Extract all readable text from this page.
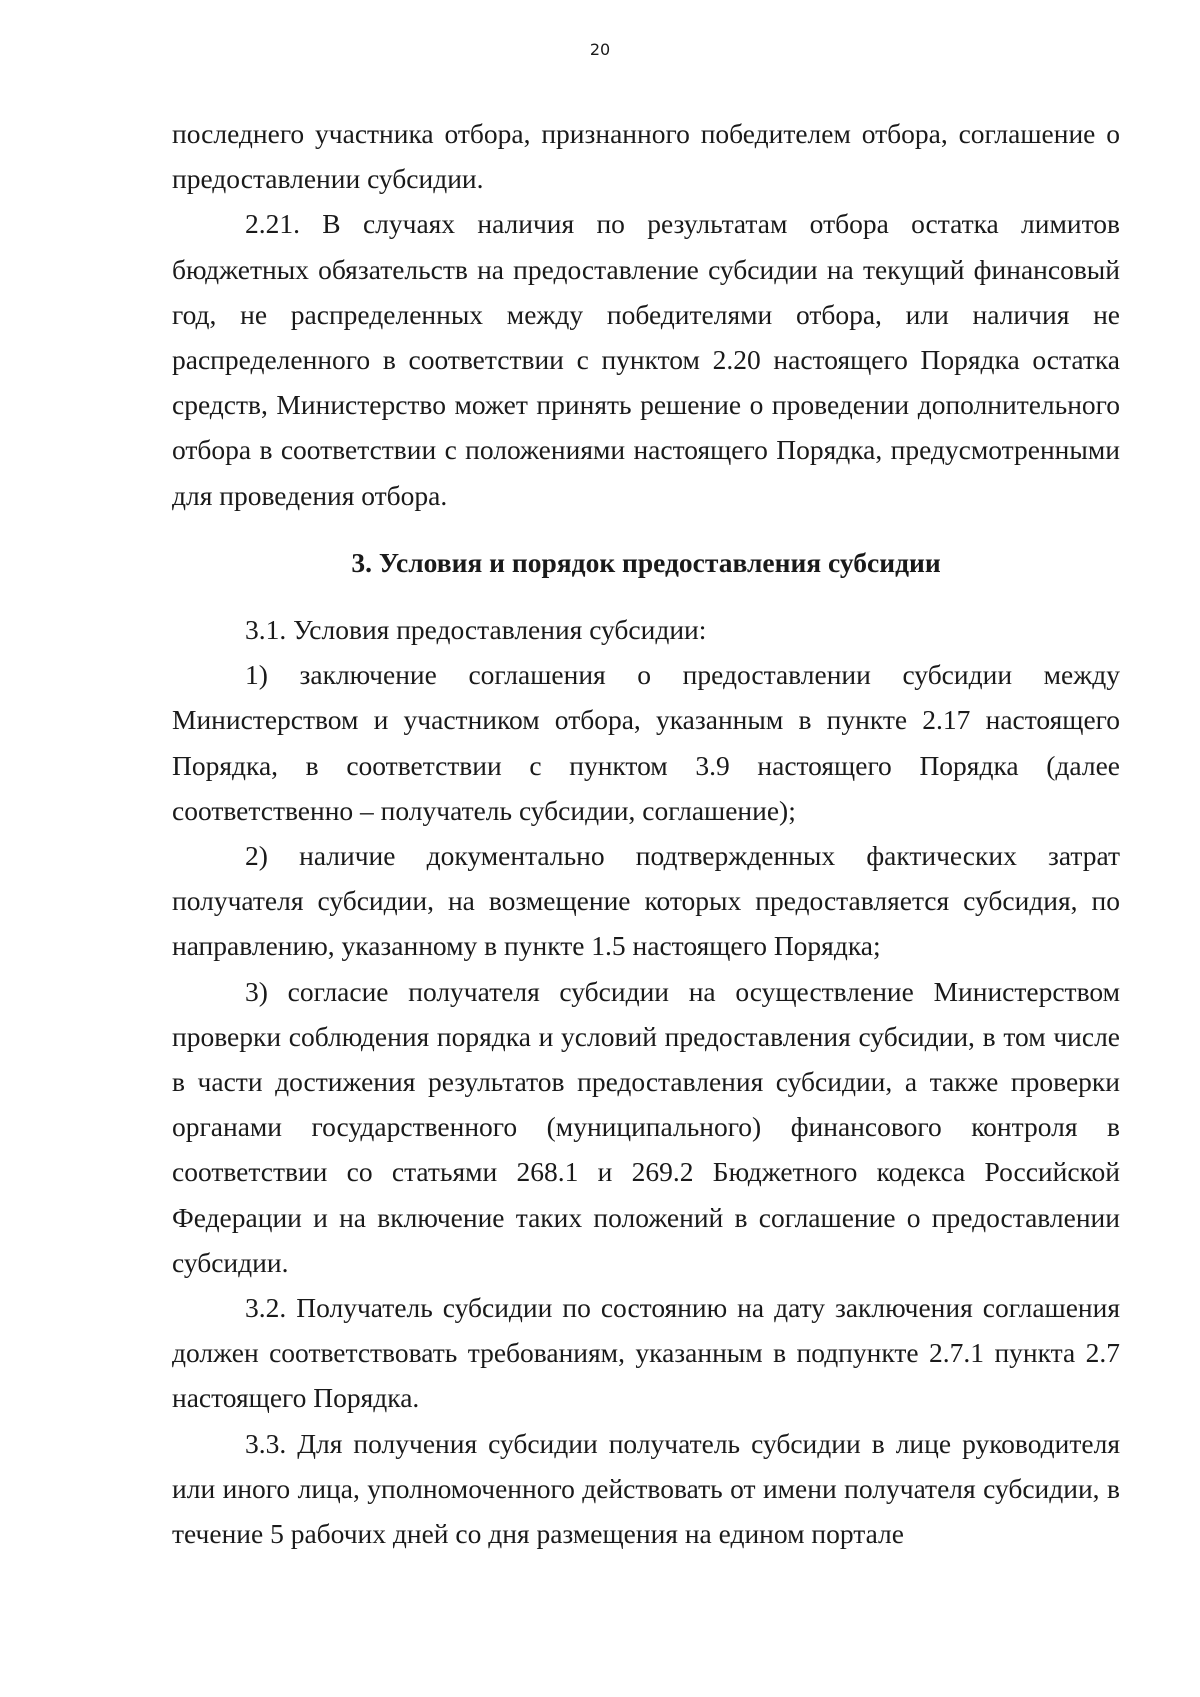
20

последнего участника отбора, признанного победителем отбора, соглашение о предоставлении субсидии.

2.21. В случаях наличия по результатам отбора остатка лимитов бюджетных обязательств на предоставление субсидии на текущий финансовый год, не распределенных между победителями отбора, или наличия не распределенного в соответствии с пунктом 2.20 настоящего Порядка остатка средств, Министерство может принять решение о проведении дополнительного отбора в соответствии с положениями настоящего Порядка, предусмотренными для проведения отбора.

3. Условия и порядок предоставления субсидии

3.1. Условия предоставления субсидии:

1) заключение соглашения о предоставлении субсидии между Министерством и участником отбора, указанным в пункте 2.17 настоящего Порядка, в соответствии с пунктом 3.9 настоящего Порядка (далее соответственно – получатель субсидии, соглашение);

2) наличие документально подтвержденных фактических затрат получателя субсидии, на возмещение которых предоставляется субсидия, по направлению, указанному в пункте 1.5 настоящего Порядка;

3) согласие получателя субсидии на осуществление Министерством проверки соблюдения порядка и условий предоставления субсидии, в том числе в части достижения результатов предоставления субсидии, а также проверки органами государственного (муниципального) финансового контроля в соответствии со статьями 268.1 и 269.2 Бюджетного кодекса Российской Федерации и на включение таких положений в соглашение о предоставлении субсидии.

3.2. Получатель субсидии по состоянию на дату заключения соглашения должен соответствовать требованиям, указанным в подпункте 2.7.1 пункта 2.7 настоящего Порядка.

3.3. Для получения субсидии получатель субсидии в лице руководителя или иного лица, уполномоченного действовать от имени получателя субсидии, в течение 5 рабочих дней со дня размещения на едином портале
